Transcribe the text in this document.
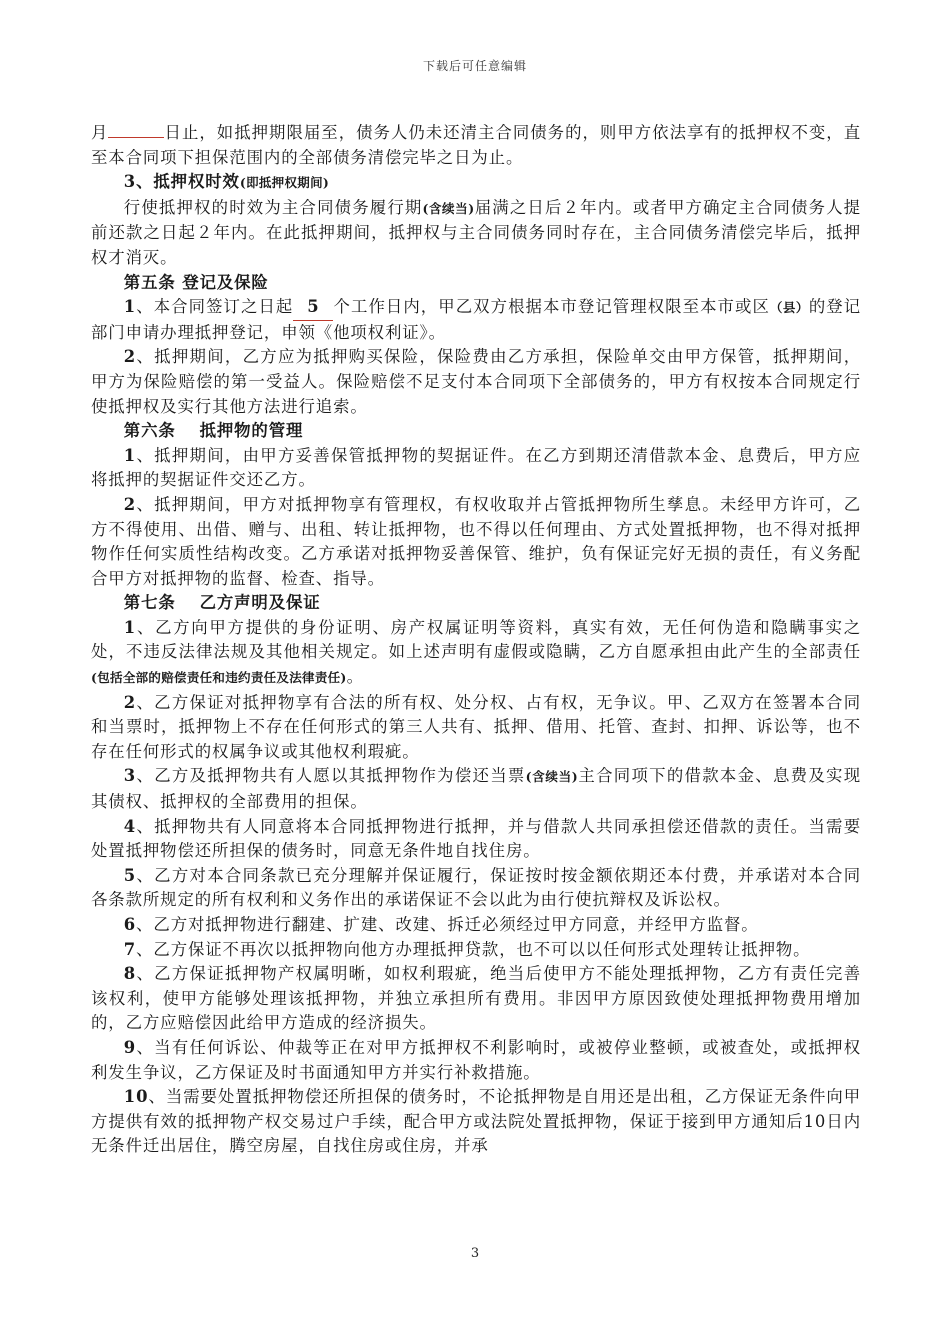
下载后可任意编辑

月	日止，如抵押期限届至，债务人仍未还清主合同债务的，则甲方依法享有的抵押权不变，直至本合同项下担保范围内的全部债务清偿完毕之日为止。

3、抵押权时效(即抵押权期间)

行使抵押权的时效为主合同债务履行期(含续当)届满之日后２年内。或者甲方确定主合同债务人提前还款之日起２年内。在此抵押期间，抵押权与主合同债务同时存在，主合同债务清偿完毕后，抵押权才消灭。

第五条 登记及保险

1、本合同签订之日起 5 个工作日内，甲乙双方根据本市登记管理权限至本市或区（县）的登记部门申请办理抵押登记，申领《他项权利证》。

2、抵押期间，乙方应为抵押购买保险，保险费由乙方承担，保险单交由甲方保管，抵押期间，甲方为保险赔偿的第一受益人。保险赔偿不足支付本合同项下全部债务的，甲方有权按本合同规定行使抵押权及实行其他方法进行追索。

第六条　 抵押物的管理

1、抵押期间，由甲方妥善保管抵押物的契据证件。在乙方到期还清借款本金、息费后，甲方应将抵押的契据证件交还乙方。

2、抵押期间，甲方对抵押物享有管理权，有权收取并占管抵押物所生孳息。未经甲方许可，乙方不得使用、出借、赠与、出租、转让抵押物，也不得以任何理由、方式处置抵押物，也不得对抵押物作任何实质性结构改变。乙方承诺对抵押物妥善保管、维护，负有保证完好无损的责任，有义务配合甲方对抵押物的监督、检查、指导。

第七条　 乙方声明及保证

1、乙方向甲方提供的身份证明、房产权属证明等资料，真实有效，无任何伪造和隐瞒事实之处，不违反法律法规及其他相关规定。如上述声明有虚假或隐瞒，乙方自愿承担由此产生的全部责任(包括全部的赔偿责任和违约责任及法律责任)。

2、乙方保证对抵押物享有合法的所有权、处分权、占有权，无争议。甲、乙双方在签署本合同和当票时，抵押物上不存在任何形式的第三人共有、抵押、借用、托管、查封、扣押、诉讼等，也不存在任何形式的权属争议或其他权利瑕疵。

3、乙方及抵押物共有人愿以其抵押物作为偿还当票(含续当)主合同项下的借款本金、息费及实现其债权、抵押权的全部费用的担保。

4、抵押物共有人同意将本合同抵押物进行抵押，并与借款人共同承担偿还借款的责任。当需要处置抵押物偿还所担保的债务时，同意无条件地自找住房。

5、乙方对本合同条款已充分理解并保证履行，保证按时按金额依期还本付费，并承诺对本合同各条款所规定的所有权利和义务作出的承诺保证不会以此为由行使抗辩权及诉讼权。

6、乙方对抵押物进行翻建、扩建、改建、拆迁必须经过甲方同意，并经甲方监督。

7、乙方保证不再次以抵押物向他方办理抵押贷款，也不可以以任何形式处理转让抵押物。

8、乙方保证抵押物产权属明晰，如权利瑕疵，绝当后使甲方不能处理抵押物，乙方有责任完善该权利，使甲方能够处理该抵押物，并独立承担所有费用。非因甲方原因致使处理抵押物费用增加的，乙方应赔偿因此给甲方造成的经济损失。

9、当有任何诉讼、仲裁等正在对甲方抵押权不利影响时，或被停业整顿，或被查处，或抵押权利发生争议，乙方保证及时书面通知甲方并实行补救措施。

10、当需要处置抵押物偿还所担保的债务时，不论抵押物是自用还是出租，乙方保证无条件向甲方提供有效的抵押物产权交易过户手续，配合甲方或法院处置抵押物，保证于接到甲方通知后10日内无条件迁出居住，腾空房屋，自找住房或住房，并承

3
